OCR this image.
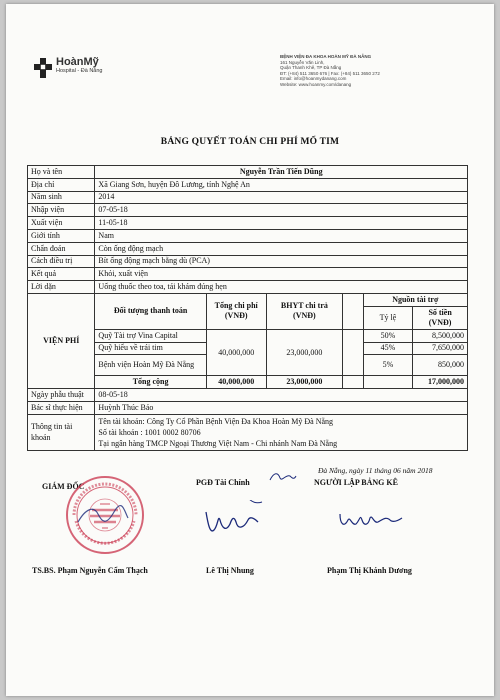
HoànMỹ
Hospital - Đà Nẵng
BỆNH VIỆN ĐA KHOA HOÀN MỸ ĐÀ NẴNG
161 Nguyễn Văn Linh,
Quận Thanh Khê, TP Đà Nẵng
ĐT: (+84) 511 3650 676 | Fax: (+84) 511 3650 272
Email: info@hoanmydanang.com
Website: www.hoanmy.com/danang
BẢNG QUYẾT TOÁN CHI PHÍ MỔ TIM
Họ và tên	Nguyễn Trần Tiến Dũng					
Địa chỉ	Xã Giang Sơn, huyện Đô Lương, tỉnh Nghệ An					
Năm sinh	2014					
Nhập viện	07-05-18					
Xuất viện	11-05-18					
Giới tính	Nam					
Chẩn đoán	Còn ống động mạch					
Cách điều trị	Bít ống động mạch bằng dù (PCA)					
Kết quả	Khỏi, xuất viện					
Lời dặn	Uống thuốc theo toa, tái khám đúng hẹn					
VIỆN PHÍ	Đối tượng thanh toán	Tổng chi phí (VNĐ)	BHYT chi trả (VNĐ)		Nguồn tài trợ	
					Tỷ lệ	Số tiền (VNĐ)
	Quỹ Tài trợ Vina Capital	40,000,000	23,000,000		50%	8,500,000
	Quỹ hiểu về trái tim				45%	7,650,000
	Bệnh viện Hoàn Mỹ Đà Nẵng				5%	850,000
	Tổng cộng	40,000,000	23,000,000			17,000,000
Ngày phẫu thuật	08-05-18					
Bác sĩ thực hiện	Huỳnh Thúc Bảo					
Thông tin tài khoản	Tên tài khoản: Công Ty Cổ Phần Bệnh Viện Đa Khoa Hoàn Mỹ Đà Nẵng
Số tài khoản : 1001 0002 80706
Tại ngân hàng TMCP Ngoại Thương Việt Nam - Chi nhánh Nam Đà Nẵng					
Đà Nẵng, ngày 11 tháng 06 năm 2018
GIÁM ĐỐC	PGĐ Tài Chính	NGƯỜI LẬP BẢNG KÊ
TS.BS. Phạm Nguyễn Cẩm Thạch	Lê Thị Nhung	Phạm Thị Khánh Dương
